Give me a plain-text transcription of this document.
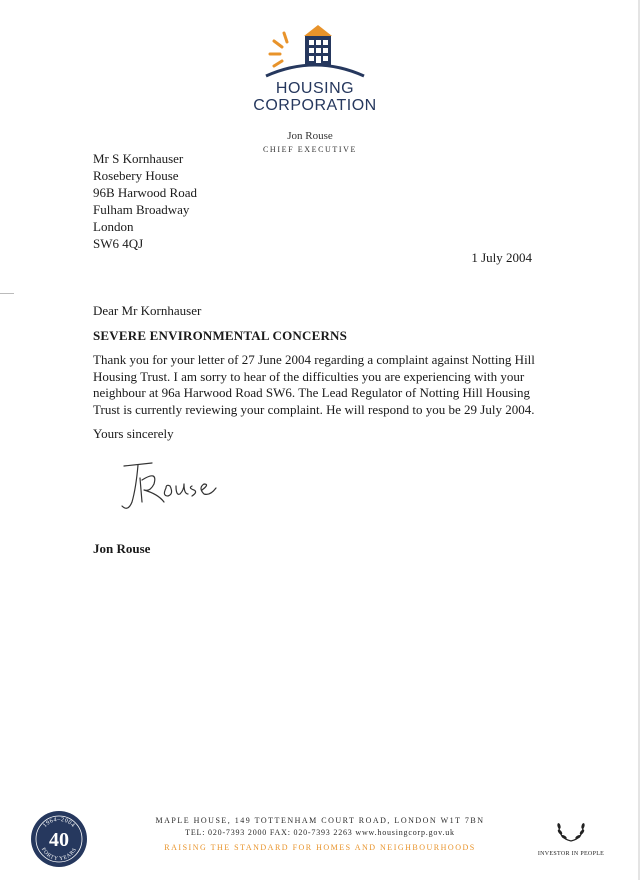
HOUSING
CORPORATION
Jon Rouse
CHIEF EXECUTIVE
Mr S Kornhauser
Rosebery House
96B Harwood Road
Fulham Broadway
London
SW6 4QJ
1 July 2004
Dear Mr Kornhauser
SEVERE ENVIRONMENTAL CONCERNS
Thank you for your letter of 27 June 2004 regarding a complaint against Notting Hill Housing Trust. I am sorry to hear of the difficulties you are experiencing with your neighbour at 96a Harwood Road SW6. The Lead Regulator of Notting Hill Housing Trust is currently reviewing your complaint. He will respond to you be 29 July 2004.
Yours sincerely
Jon Rouse
1964–2004
40
FORTY YEARS
MAPLE HOUSE, 149 TOTTENHAM COURT ROAD, LONDON W1T 7BN
TEL: 020-7393 2000 FAX: 020-7393 2263 www.housingcorp.gov.uk
RAISING THE STANDARD FOR HOMES AND NEIGHBOURHOODS
INVESTOR IN PEOPLE
